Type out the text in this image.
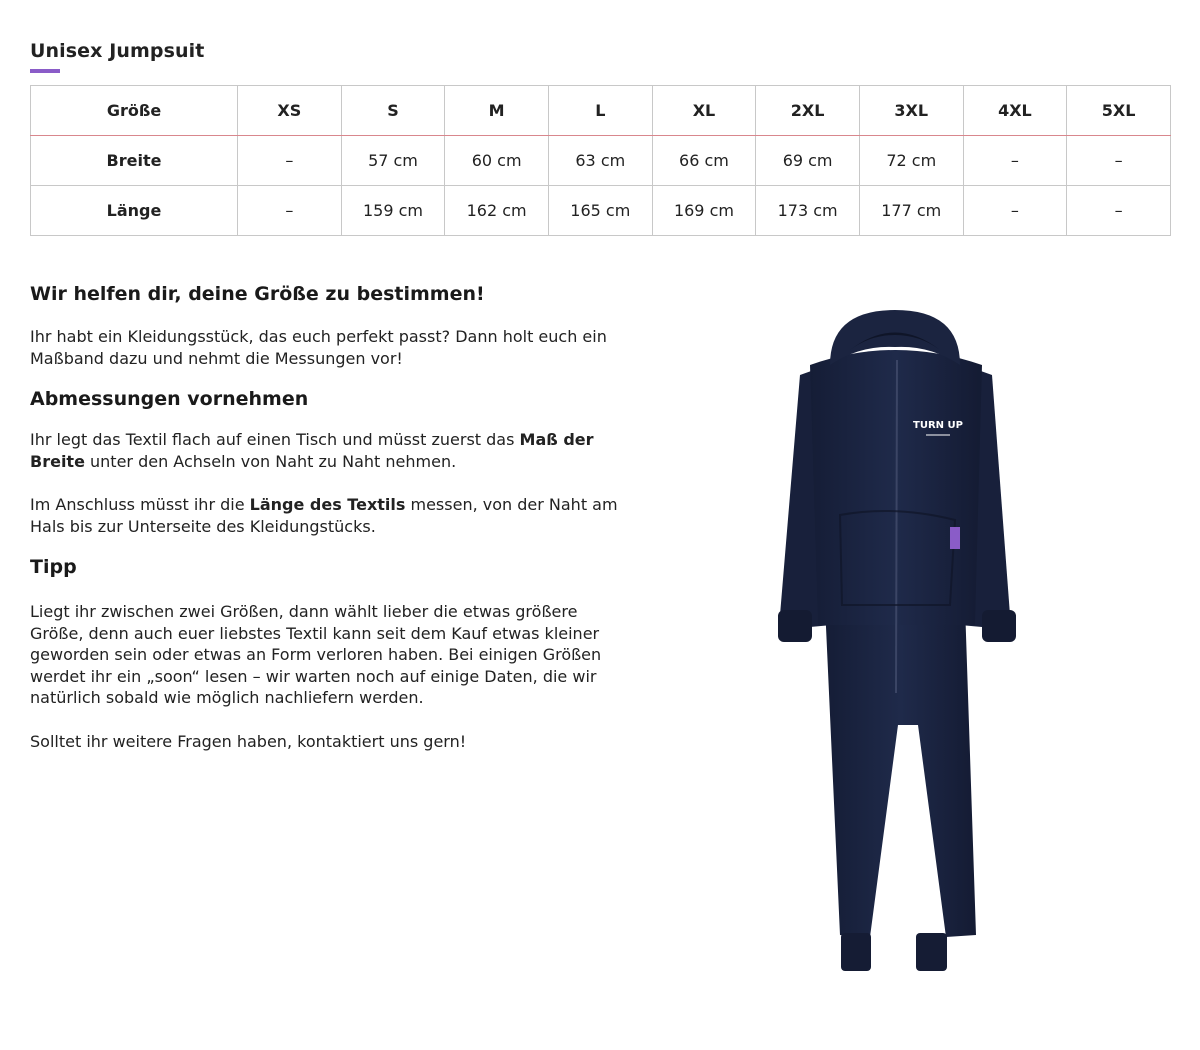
Unisex Jumpsuit
Größe	XS	S	M	L	XL	2XL	3XL	4XL	5XL
Breite	–	57 cm	60 cm	63 cm	66 cm	69 cm	72 cm	–	–
Länge	–	159 cm	162 cm	165 cm	169 cm	173 cm	177 cm	–	–
Wir helfen dir, deine Größe zu bestimmen!

Ihr habt ein Kleidungsstück, das euch perfekt passt? Dann holt euch ein Maßband dazu und nehmt die Messungen vor!

Abmessungen vornehmen

Ihr legt das Textil flach auf einen Tisch und müsst zuerst das Maß der Breite unter den Achseln von Naht zu Naht nehmen.

Im Anschluss müsst ihr die Länge des Textils messen, von der Naht am Hals bis zur Unterseite des Kleidungstücks.

Tipp

Liegt ihr zwischen zwei Größen, dann wählt lieber die etwas größere Größe, denn auch euer liebstes Textil kann seit dem Kauf etwas kleiner geworden sein oder etwas an Form verloren haben. Bei einigen Größen werdet ihr ein „soon“ lesen – wir warten noch auf einige Daten, die wir natürlich sobald wie möglich nachliefern werden.

Solltet ihr weitere Fragen haben, kontaktiert uns gern!

TURN UP
